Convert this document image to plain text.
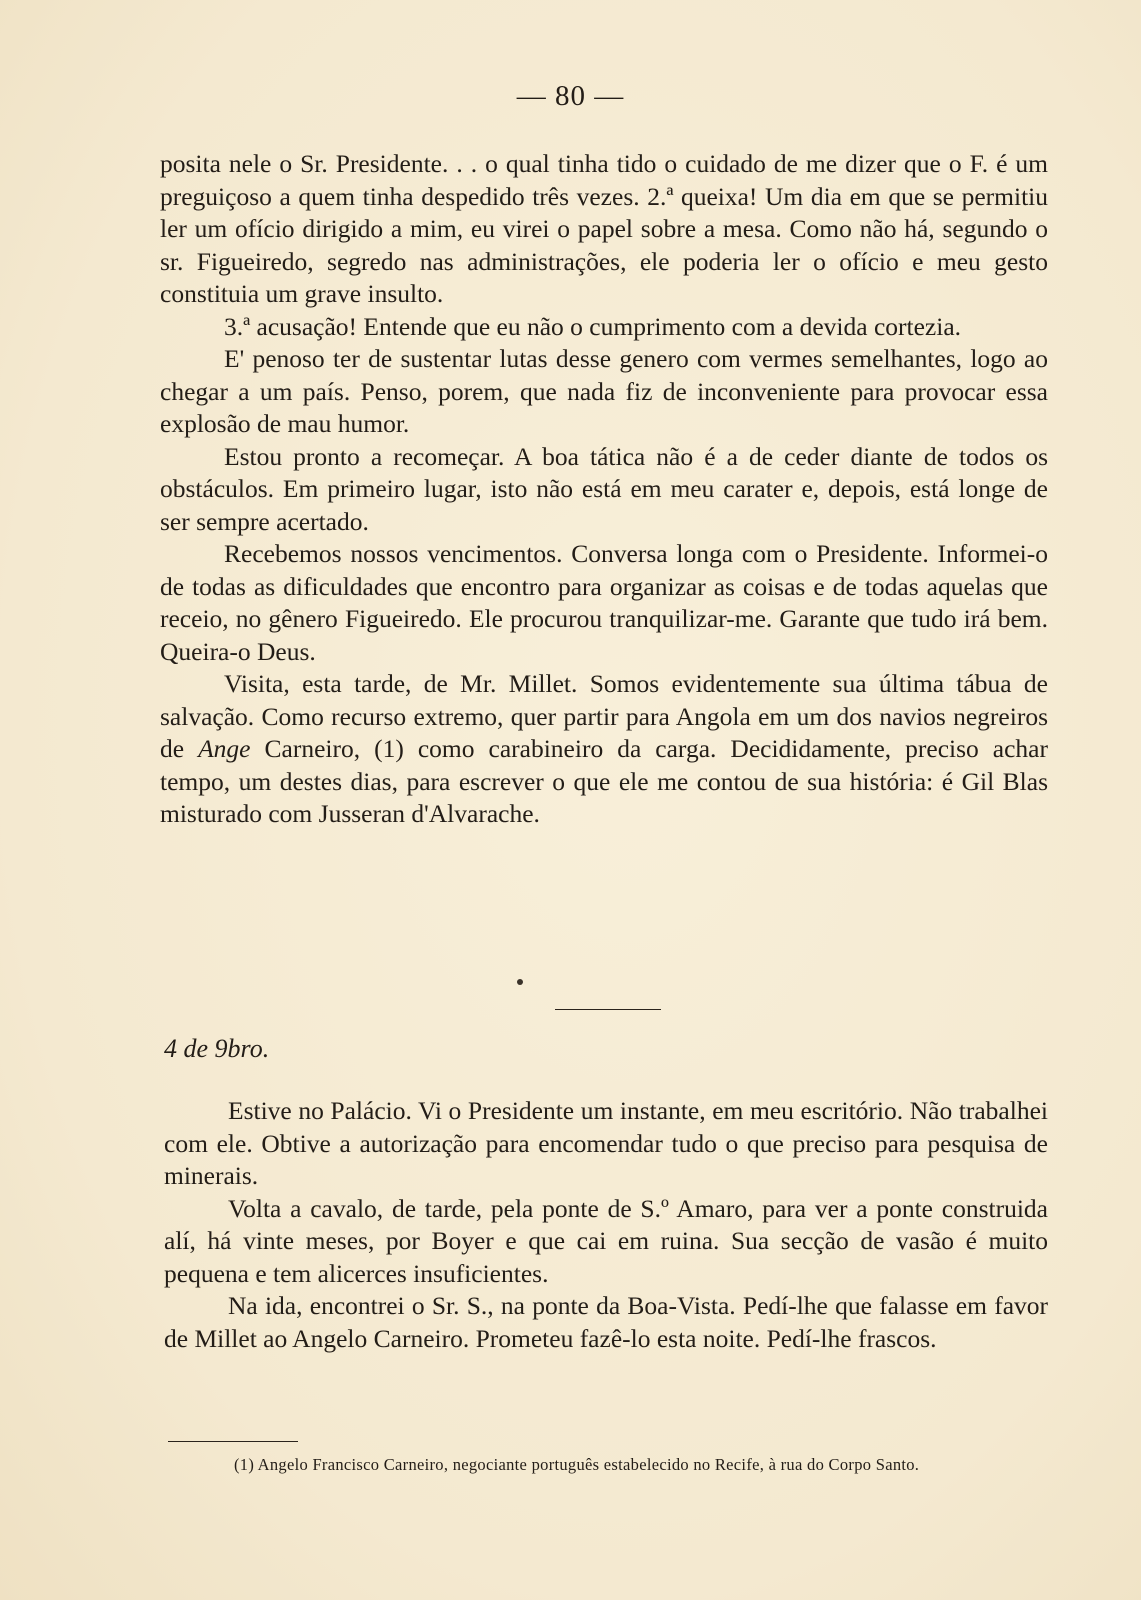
— 80 —

posita nele o Sr. Presidente. . . o qual tinha tido o cuidado de me dizer que o F. é um preguiçoso a quem tinha despedido três vezes. 2.ª queixa! Um dia em que se permitiu ler um ofício dirigido a mim, eu virei o papel sobre a mesa. Como não há, segundo o sr. Figueiredo, segredo nas administrações, ele poderia ler o ofício e meu gesto constituia um grave insulto.

3.ª acusação! Entende que eu não o cumprimento com a devida cortezia.

E' penoso ter de sustentar lutas desse genero com vermes semelhantes, logo ao chegar a um país. Penso, porem, que nada fiz de inconveniente para provocar essa explosão de mau humor.

Estou pronto a recomeçar. A boa tática não é a de ceder diante de todos os obstáculos. Em primeiro lugar, isto não está em meu carater e, depois, está longe de ser sempre acertado.

Recebemos nossos vencimentos. Conversa longa com o Presidente. Informei-o de todas as dificuldades que encontro para organizar as coisas e de todas aquelas que receio, no gênero Figueiredo. Ele procurou tranquilizar-me. Garante que tudo irá bem. Queira-o Deus.

Visita, esta tarde, de Mr. Millet. Somos evidentemente sua última tábua de salvação. Como recurso extremo, quer partir para Angola em um dos navios negreiros de Ange Carneiro, (1) como carabineiro da carga. Decididamente, preciso achar tempo, um destes dias, para escrever o que ele me contou de sua história: é Gil Blas misturado com Jusseran d'Alvarache.

4 de 9bro.

Estive no Palácio. Vi o Presidente um instante, em meu escritório. Não trabalhei com ele. Obtive a autorização para encomendar tudo o que preciso para pesquisa de minerais.

Volta a cavalo, de tarde, pela ponte de S.º Amaro, para ver a ponte construida alí, há vinte meses, por Boyer e que cai em ruina. Sua secção de vasão é muito pequena e tem alicerces insuficientes.

Na ida, encontrei o Sr. S., na ponte da Boa-Vista. Pedí-lhe que falasse em favor de Millet ao Angelo Carneiro. Prometeu fazê-lo esta noite. Pedí-lhe frascos.

(1) Angelo Francisco Carneiro, negociante português estabelecido no Recife, à rua do Corpo Santo.
